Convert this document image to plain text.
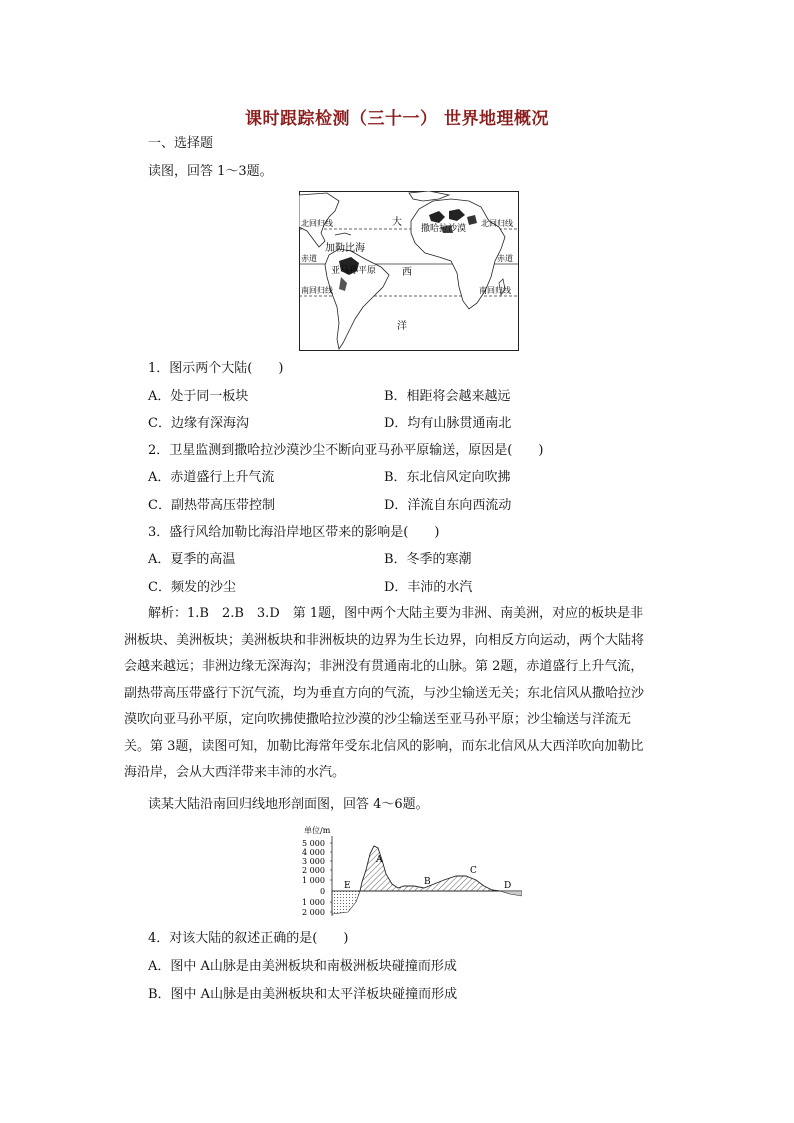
课时跟踪检测（三十一） 世界地理概况
一、选择题
读图，回答 1～3题。
北回归线	北回归线
赤道	赤道
南回归线	南回归线
加勒比海
亚马孙平原
撒哈拉沙漠
大
西
洋
1．图示两个大陆(　　)
A．处于同一板块	B．相距将会越来越远
C．边缘有深海沟	D．均有山脉贯通南北
2．卫星监测到撒哈拉沙漠沙尘不断向亚马孙平原输送，原因是(　　)
A．赤道盛行上升气流	B．东北信风定向吹拂
C．副热带高压带控制	D．洋流自东向西流动
3．盛行风给加勒比海沿岸地区带来的影响是(　　)
A．夏季的高温	B．冬季的寒潮
C．频发的沙尘	D．丰沛的水汽
解析：1.B　2.B　3.D　第 1题，图中两个大陆主要为非洲、南美洲，对应的板块是非洲板块、美洲板块；美洲板块和非洲板块的边界为生长边界，向相反方向运动，两个大陆将会越来越远；非洲边缘无深海沟；非洲没有贯通南北的山脉。第 2题，赤道盛行上升气流，副热带高压带盛行下沉气流，均为垂直方向的气流，与沙尘输送无关；东北信风从撒哈拉沙漠吹向亚马孙平原，定向吹拂使撒哈拉沙漠的沙尘输送至亚马孙平原；沙尘输送与洋流无关。第 3题，读图可知，加勒比海常年受东北信风的影响，而东北信风从大西洋吹向加勒比海沿岸，会从大西洋带来丰沛的水汽。
读某大陆沿南回归线地形剖面图，回答 4～6题。
单位/m
5 000
4 000
3 000
2 000
1 000
0
1 000
2 000
A
B
C
D
E
4．对该大陆的叙述正确的是(　　)
A．图中 A山脉是由美洲板块和南极洲板块碰撞而形成
B．图中 A山脉是由美洲板块和太平洋板块碰撞而形成
